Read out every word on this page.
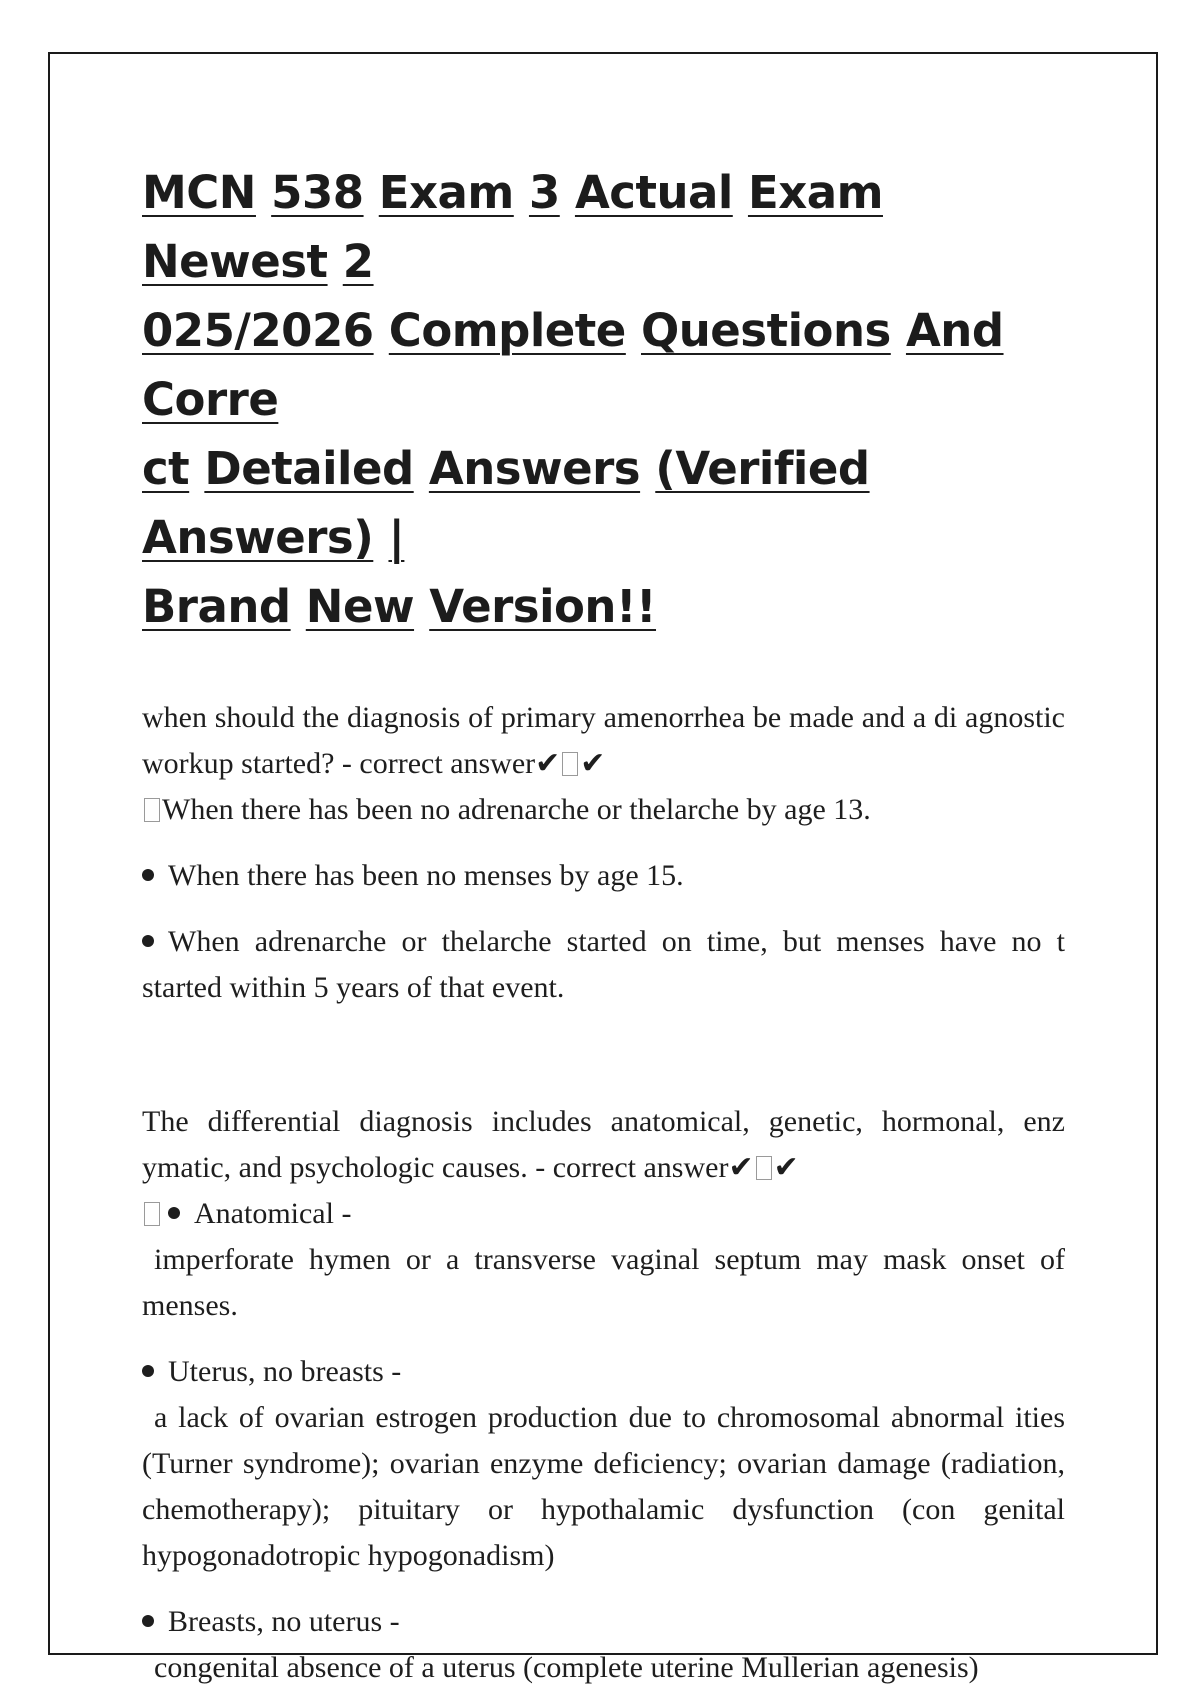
MCN 538 Exam 3 Actual Exam Newest 2
025/2026 Complete Questions And Corre
ct Detailed Answers (Verified Answers) |
Brand New Version!!

when should the diagnosis of primary amenorrhea be made and a di agnostic workup started? - correct answer✔ ✔
When there has been no adrenarche or thelarche by age 13.

When there has been no menses by age 15.

When adrenarche or thelarche started on time, but menses have no t started within 5 years of that event.

The differential diagnosis includes anatomical, genetic, hormonal, enz ymatic, and psychologic causes. - correct answer✔ ✔
Anatomical -
imperforate hymen or a transverse vaginal septum may mask onset of menses.

Uterus, no breasts -
a lack of ovarian estrogen production due to chromosomal abnormal ities (Turner syndrome); ovarian enzyme deficiency; ovarian damage (radiation, chemotherapy); pituitary or hypothalamic dysfunction (con genital hypogonadotropic hypogonadism)

Breasts, no uterus -
congenital absence of a uterus (complete uterine Mullerian agenesis)
